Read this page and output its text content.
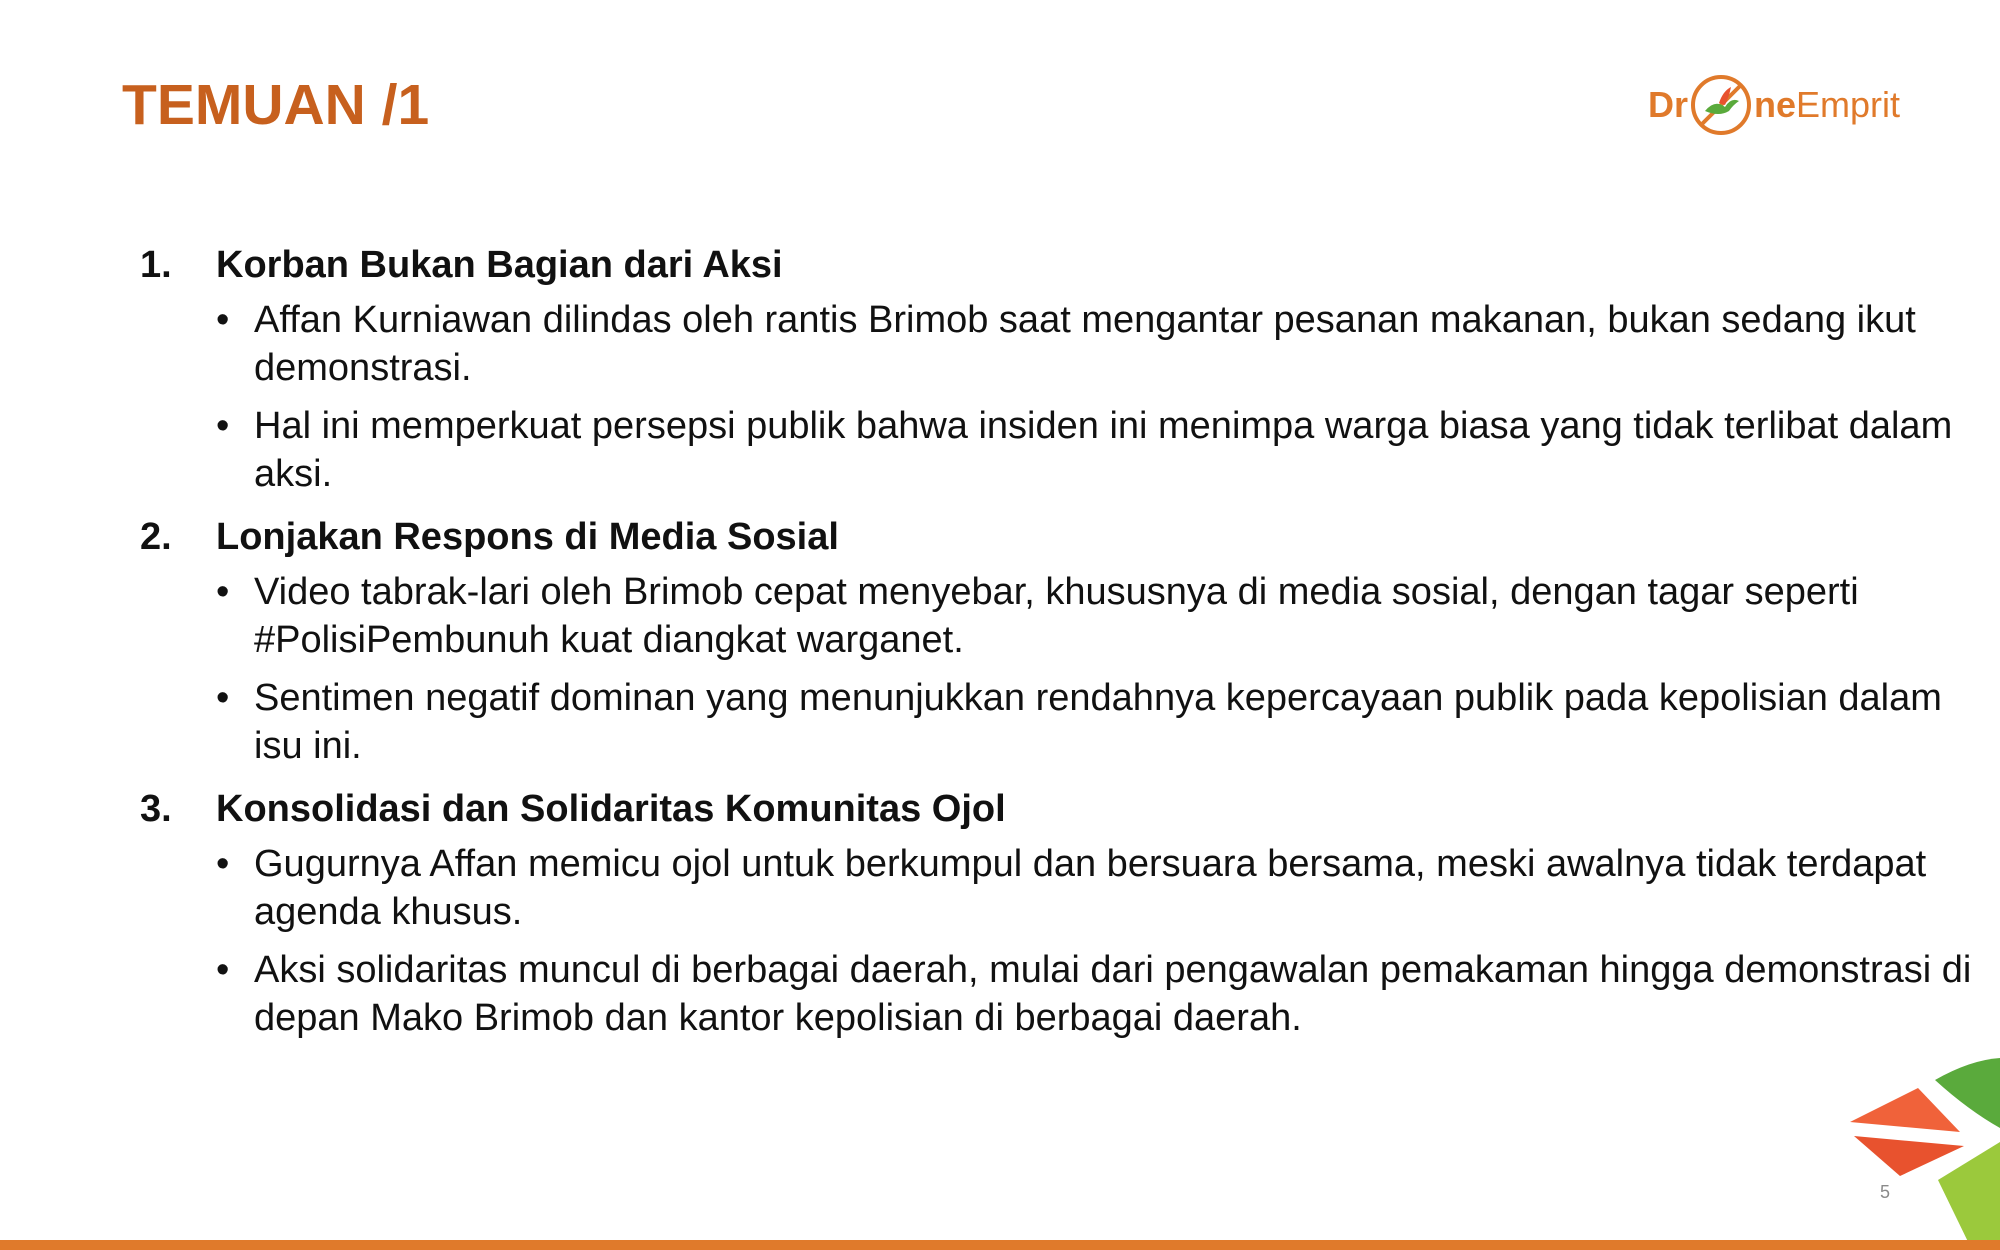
TEMUAN /1	Dr ne Emprit
1. Korban Bukan Bagian dari Aksi
• Affan Kurniawan dilindas oleh rantis Brimob saat mengantar pesanan makanan, bukan sedang ikut demonstrasi.
• Hal ini memperkuat persepsi publik bahwa insiden ini menimpa warga biasa yang tidak terlibat dalam aksi.
2. Lonjakan Respons di Media Sosial
• Video tabrak-lari oleh Brimob cepat menyebar, khususnya di media sosial, dengan tagar seperti #PolisiPembunuh kuat diangkat warganet.
• Sentimen negatif dominan yang menunjukkan rendahnya kepercayaan publik pada kepolisian dalam isu ini.
3. Konsolidasi dan Solidaritas Komunitas Ojol
• Gugurnya Affan memicu ojol untuk berkumpul dan bersuara bersama, meski awalnya tidak terdapat agenda khusus.
• Aksi solidaritas muncul di berbagai daerah, mulai dari pengawalan pemakaman hingga demonstrasi di depan Mako Brimob dan kantor kepolisian di berbagai daerah.
5
